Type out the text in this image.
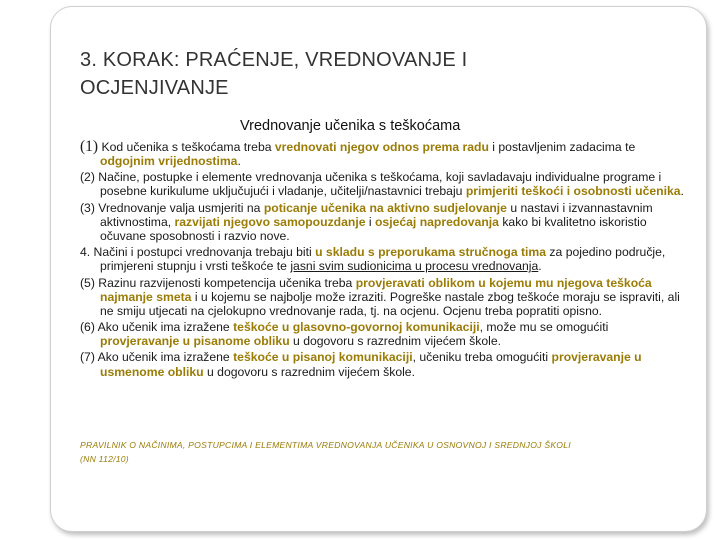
3. KORAK: PRAĆENJE, VREDNOVANJE I OCJENJIVANJE
Vrednovanje učenika s teškoćama

(1) Kod učenika s teškoćama treba vrednovati njegov odnos prema radu i postavljenim zadacima te odgojnim vrijednostima.

(2) Načine, postupke i elemente vrednovanja učenika s teškoćama, koji savladavaju individualne programe i posebne kurikulume uključujući i vladanje, učitelji/nastavnici trebaju primjeriti teškoći i osobnosti učenika.

(3) Vrednovanje valja usmjeriti na poticanje učenika na aktivno sudjelovanje u nastavi i izvannastavnim aktivnostima, razvijati njegovo samopouzdanje i osjećaj napredovanja kako bi kvalitetno iskoristio očuvane sposobnosti i razvio nove.

4. Načini i postupci vrednovanja trebaju biti u skladu s preporukama stručnoga tima za pojedino područje, primjereni stupnju i vrsti teškoće te jasni svim sudionicima u procesu vrednovanja.

(5) Razinu razvijenosti kompetencija učenika treba provjeravati oblikom u kojemu mu njegova teškoća najmanje smeta i u kojemu se najbolje može izraziti. Pogreške nastale zbog teškoće moraju se ispraviti, ali ne smiju utjecati na cjelokupno vrednovanje rada, tj. na ocjenu. Ocjenu treba popratiti opisno.

(6) Ako učenik ima izražene teškoće u glasovno-govornoj komunikaciji, može mu se omogućiti provjeravanje u pisanome obliku u dogovoru s razrednim vijećem škole.

(7) Ako učenik ima izražene teškoće u pisanoj komunikaciji, učeniku treba omogućiti provjeravanje u usmenome obliku u dogovoru s razrednim vijećem škole.

PRAVILNIK O NAČINIMA, POSTUPCIMA I ELEMENTIMA VREDNOVANJA UČENIKA U OSNOVNOJ I SREDNJOJ ŠKOLI
(NN 112/10)
